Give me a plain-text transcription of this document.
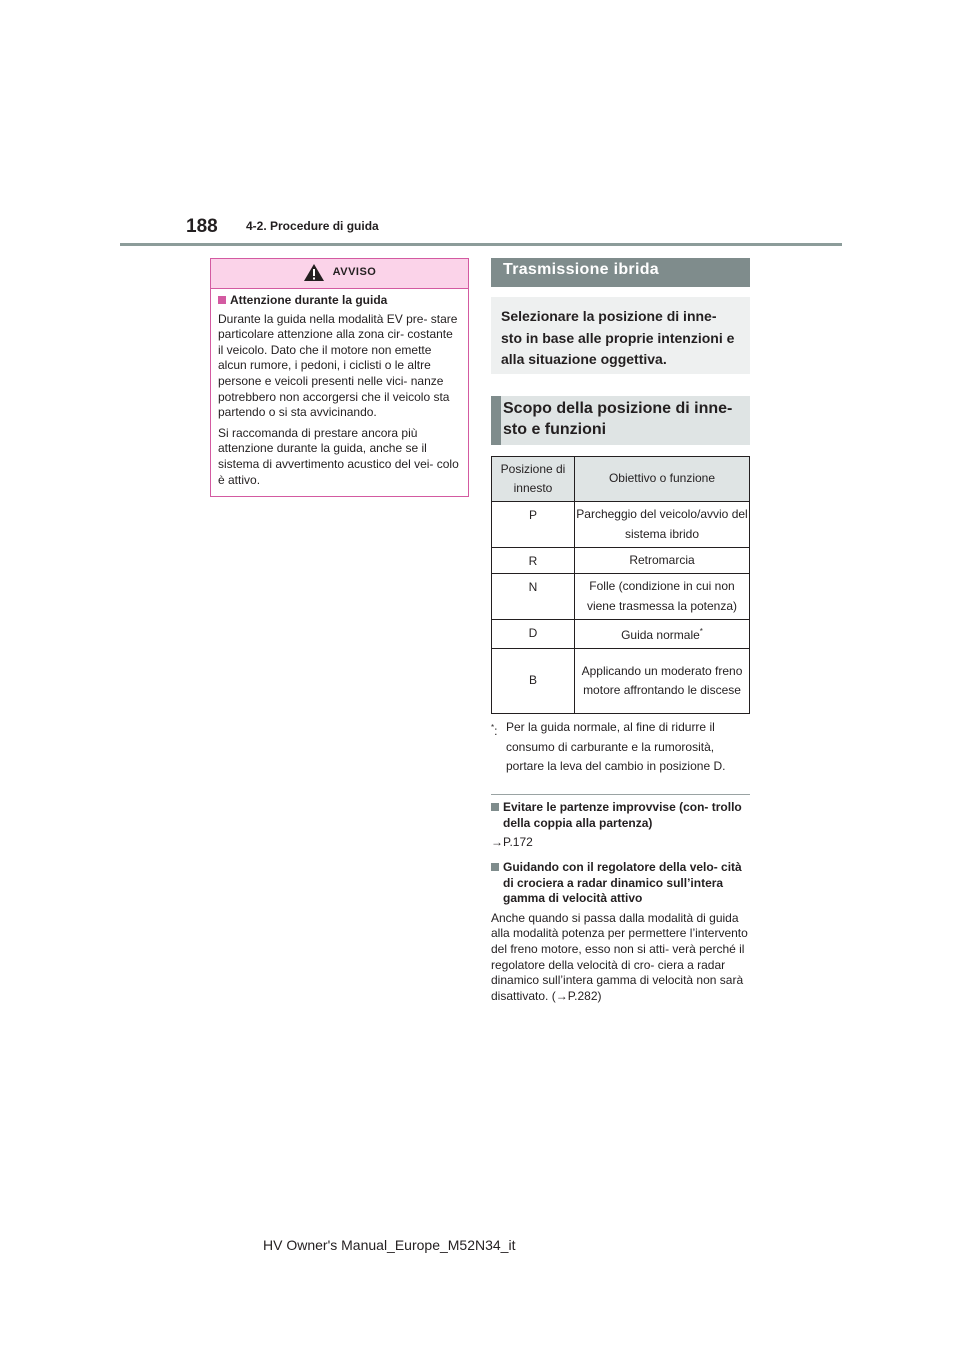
188 4-2. Procedure di guida
AVVISO
Attenzione durante la guida

Durante la guida nella modalità EV pre- stare particolare attenzione alla zona cir- costante il veicolo. Dato che il motore non emette alcun rumore, i pedoni, i ciclisti o le altre persone e veicoli presenti nelle vici- nanze potrebbero non accorgersi che il veicolo sta partendo o si sta avvicinando.

Si raccomanda di prestare ancora più attenzione durante la guida, anche se il sistema di avvertimento acustico del vei- colo è attivo.

Trasmissione ibrida
Selezionare la posizione di inne- sto in base alle proprie intenzioni e alla situazione oggettiva.
Scopo della posizione di inne- sto e funzioni
Posizione di innesto	Obiettivo o funzione
P	Parcheggio del veicolo/avvio del sistema ibrido
R	Retromarcia
N	Folle (condizione in cui non viene trasmessa la potenza)
D	Guida normale*
B	Applicando un moderato freno motore affrontando le discese
*: Per la guida normale, al fine di ridurre il consumo di carburante e la rumorosità, portare la leva del cambio in posizione D.
Evitare le partenze improvvise (con- trollo della coppia alla partenza)

→P.172

Guidando con il regolatore della velo- cità di crociera a radar dinamico sull’intera gamma di velocità attivo

Anche quando si passa dalla modalità di guida alla modalità potenza per permettere l’intervento del freno motore, esso non si atti- verà perché il regolatore della velocità di cro- ciera a radar dinamico sull’intera gamma di velocità non sarà disattivato. (→P.282)

HV Owner's Manual_Europe_M52N34_it
